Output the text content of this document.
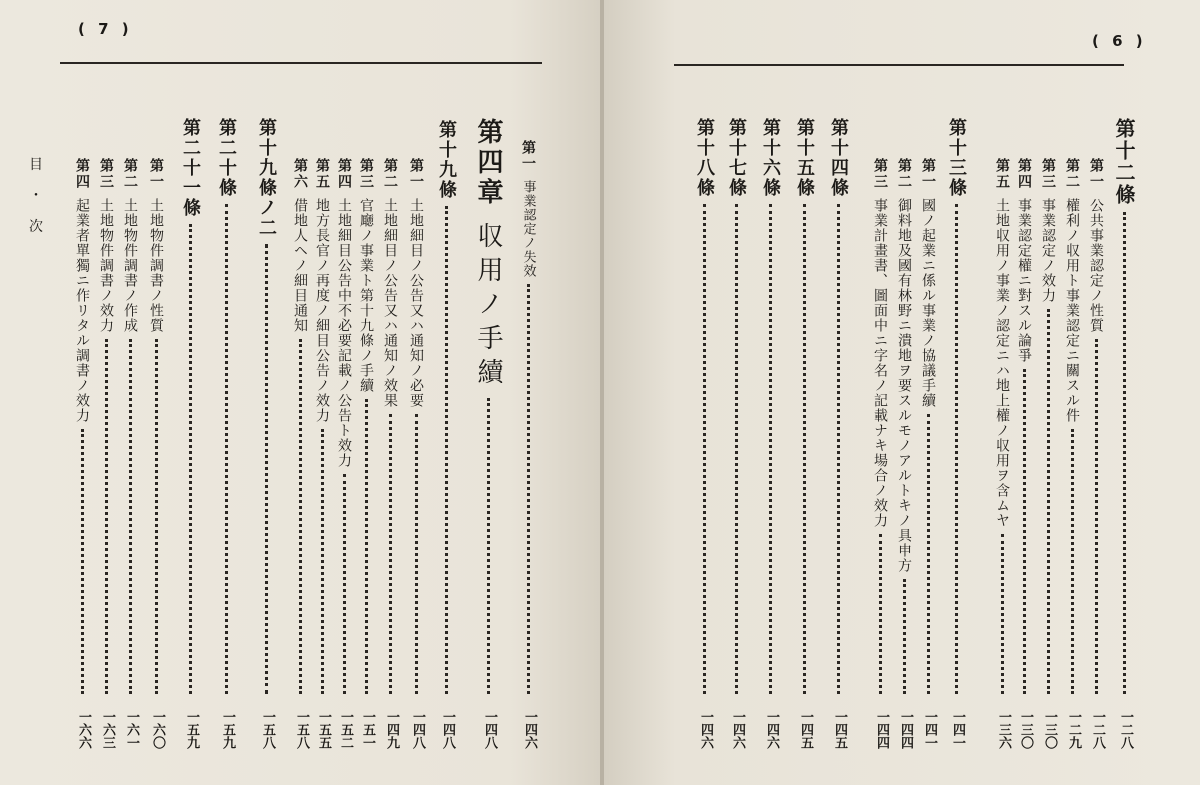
( 7 )
目
・
次
第一
事業認定ノ失效
一四六
第四章
収用ノ手續
一四八
第十九條
一四八
第一
土地細目ノ公告又ハ通知ノ必要
一四八
第二
土地細目ノ公告又ハ通知ノ效果
一四九
第三
官廰ノ事業ト第十九條ノ手續
一五一
第四
土地細目公告中不必要記載ノ公告ト效力
一五二
第五
地方長官ノ再度ノ細目公告ノ效力
一五五
第六
借地人ヘノ細目通知
一五八
第十九條ノ二
一五八
第二十條
一五九
第二十一條
一五九
第一
土地物件調書ノ性質
一六〇
第二
土地物件調書ノ作成
一六一
第三
土地物件調書ノ效力
一六三
第四
起業者單獨ニ作リタル調書ノ效力
一六六
( 6 )
第十二條
一二八
第一
公共事業認定ノ性質
一二八
第二
權利ノ収用ト事業認定ニ關スル件
一二九
第三
事業認定ノ效力
一三〇
第四
事業認定權ニ對スル論爭
一三〇
第五
土地収用ノ事業ノ認定ニハ地上權ノ収用ヲ含ムヤ
一三六
第十三條
一四一
第一
國ノ起業ニ係ル事業ノ協議手續
一四一
第二
御料地及國有林野ニ潰地ヲ要スルモノアルトキノ具申方
一四四
第三
事業計畫書、圖面中ニ字名ノ記載ナキ場合ノ效力
一四四
第十四條
一四五
第十五條
一四五
第十六條
一四六
第十七條
一四六
第十八條
一四六
